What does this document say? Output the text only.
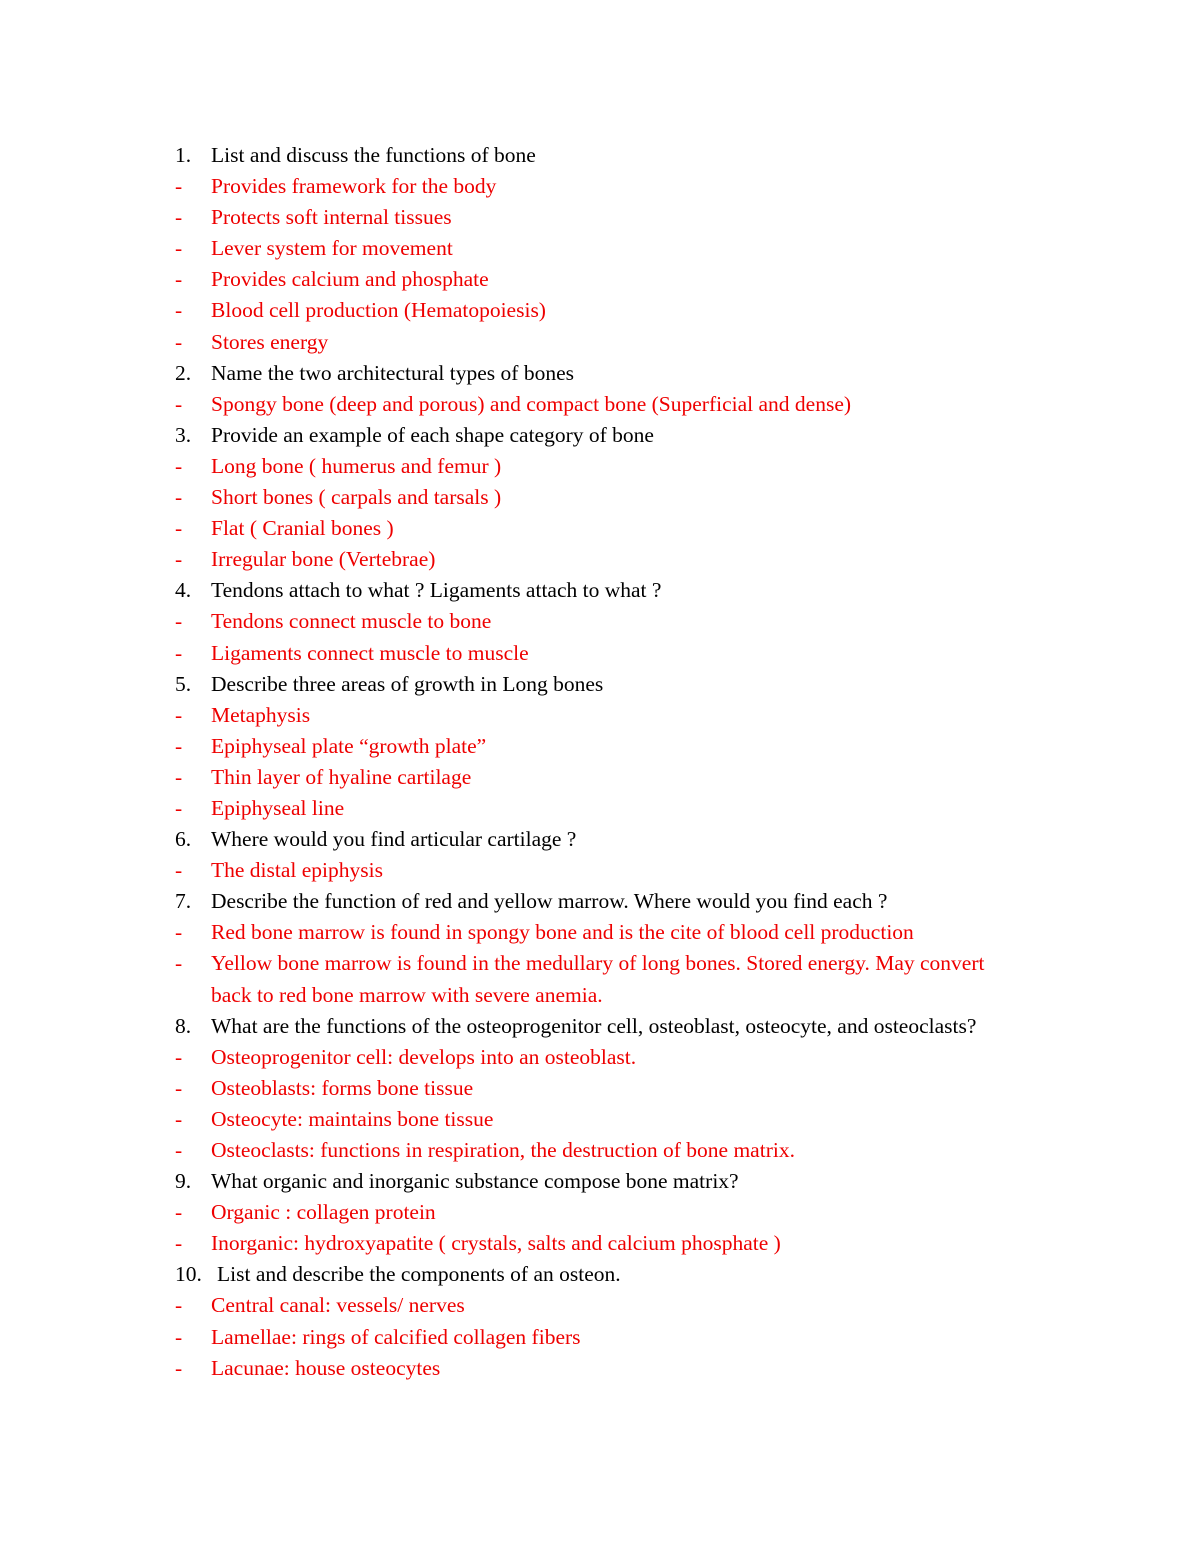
1. List and discuss the functions of bone
- Provides framework for the body
- Protects soft internal tissues
- Lever system for movement
- Provides calcium and phosphate
- Blood cell production (Hematopoiesis)
- Stores energy
2. Name the two architectural types of bones
- Spongy bone (deep and porous) and compact bone (Superficial and dense)
3. Provide an example of each shape category of bone
- Long bone ( humerus and femur )
- Short bones ( carpals and tarsals )
- Flat ( Cranial bones )
- Irregular bone (Vertebrae)
4. Tendons attach to what ? Ligaments attach to what ?
- Tendons connect muscle to bone
- Ligaments connect muscle to muscle
5. Describe three areas of growth in Long bones
- Metaphysis
- Epiphyseal plate “growth plate”
- Thin layer of hyaline cartilage
- Epiphyseal line
6. Where would you find articular cartilage ?
- The distal epiphysis
7. Describe the function of red and yellow marrow. Where would you find each ?
- Red bone marrow is found in spongy bone and is the cite of blood cell production
- Yellow bone marrow is found in the medullary of long bones. Stored energy. May convert
back to red bone marrow with severe anemia.
8. What are the functions of the osteoprogenitor cell, osteoblast, osteocyte, and osteoclasts?
- Osteoprogenitor cell: develops into an osteoblast.
- Osteoblasts: forms bone tissue
- Osteocyte: maintains bone tissue
- Osteoclasts: functions in respiration, the destruction of bone matrix.
9. What organic and inorganic substance compose bone matrix?
- Organic : collagen protein
- Inorganic: hydroxyapatite ( crystals, salts and calcium phosphate )
10. List and describe the components of an osteon.
- Central canal: vessels/ nerves
- Lamellae: rings of calcified collagen fibers
- Lacunae: house osteocytes
